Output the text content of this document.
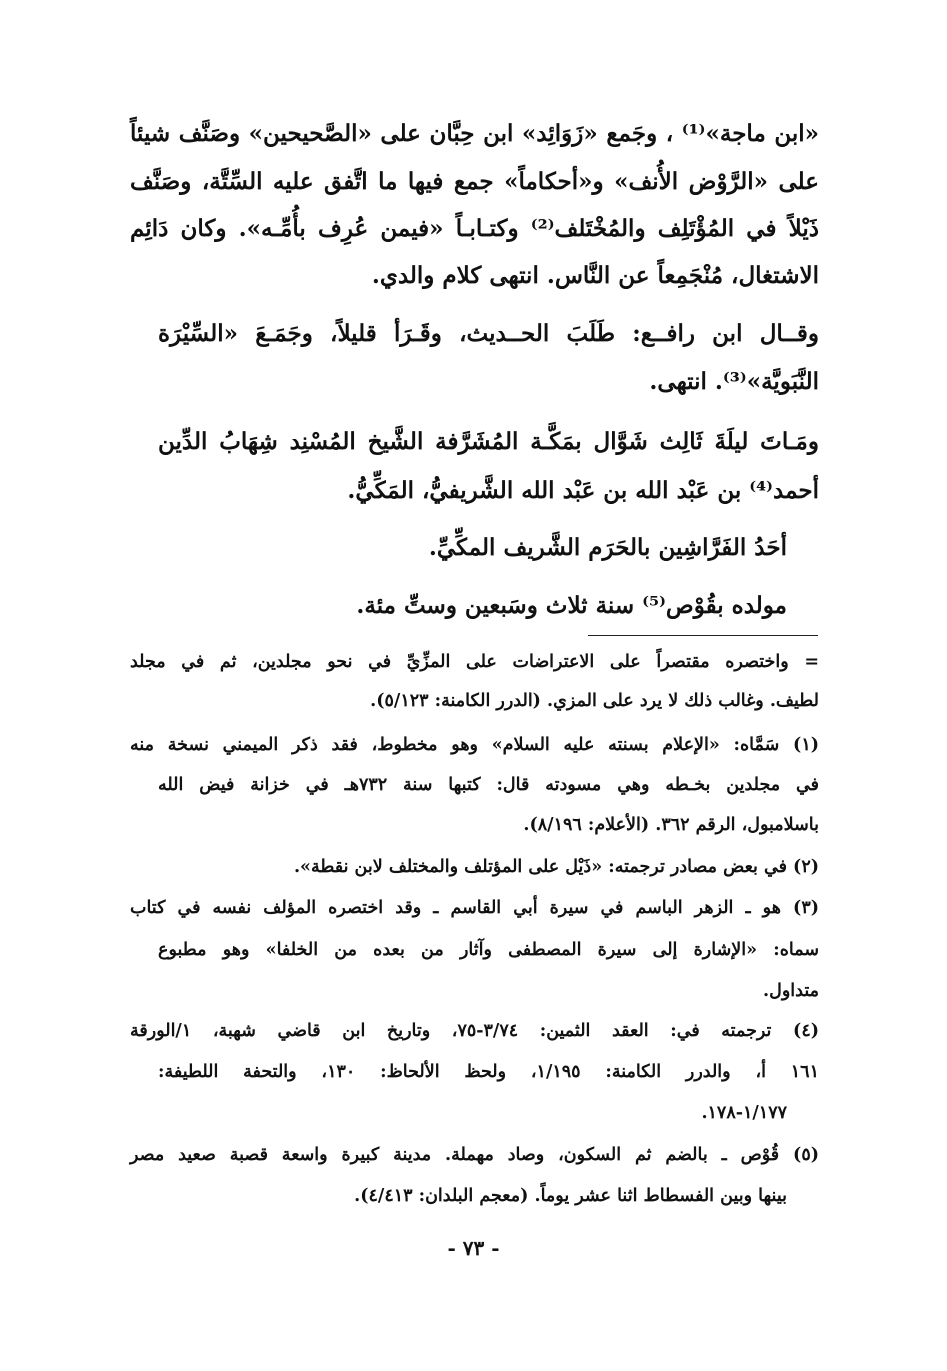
«ابن ماجة»⁽¹⁾ ، وجَمع «زَوَائِد» ابن حِبَّان على «الصَّحيحين» وصَنَّف شيئاً
على «الرَّوْض الأُنف» و«أحكاماً» جمع فيها ما اتَّفق عليه السِّتَّة، وصَنَّف
ذَيْلاً في المُؤْتَلِف والمُخْتَلف⁽²⁾ وكتـابـاً «فيمن عُرِف بأُمِّـه». وكان دَائِم
الاشتغال، مُنْجَمِعاً عن النَّاس. انتهى كلام والدي.
وقــال ابن رافــع: طَلَبَ الحــديث، وقَـرَأ قليلاً، وجَمَـعَ «السِّيْرَة
النَّبَويَّة»⁽³⁾. انتهى.
ومَـاتَ ليلَةَ ثَالِث شَوَّال بمَكَّـة المُشَرَّفة الشَّيخ المُسْنِد شِهَابُ الدِّين
أحمد⁽⁴⁾ بن عَبْد الله بن عَبْد الله الشَّريفيُّ، المَكِّيُّ.
أحَدُ الفَرَّاشِين بالحَرَم الشَّريف المكِّيِّ.
مولده بقُوْص⁽⁵⁾ سنة ثلاث وسَبعين وستِّ مئة.
= واختصره مقتصراً على الاعتراضات على المزِّيِّ في نحو مجلدين، ثم في مجلد
لطيف. وغالب ذلك لا يرد على المزي. (الدرر الكامنة: ٥/١٢٣).
(١) سَمَّاه: «الإعلام بسنته عليه السلام» وهو مخطوط، فقد ذكر الميمني نسخة منه
في مجلدين بخـطه وهي مسودته قال: كتبها سنة ٧٣٢هـ في خزانة فيض الله
باسلامبول، الرقم ٣٦٢. (الأعلام: ٨/١٩٦).
(٢) في بعض مصادر ترجمته: «ذَيْل على المؤتلف والمختلف لابن نقطة».
(٣) هو ـ الزهر الباسم في سيرة أبي القاسم ـ وقد اختصره المؤلف نفسه في كتاب
سماه: «الإشارة إلى سيرة المصطفى وآثار من بعده من الخلفا» وهو مطبوع
متداول.
(٤) ترجمته في: العقد الثمين: ٣/٧٤-٧٥، وتاريخ ابن قاضي شهبة، ١/الورقة
١٦١ أ، والدرر الكامنة: ١/١٩٥، ولحظ الألحاظ: ١٣٠، والتحفة اللطيفة:
١/١٧٧-١٧٨.
(٥) قُوْص ـ بالضم ثم السكون، وصاد مهملة. مدينة كبيرة واسعة قصبة صعيد مصر
بينها وبين الفسطاط اثنا عشر يوماً. (معجم البلدان: ٤/٤١٣).
- ٧٣ -
